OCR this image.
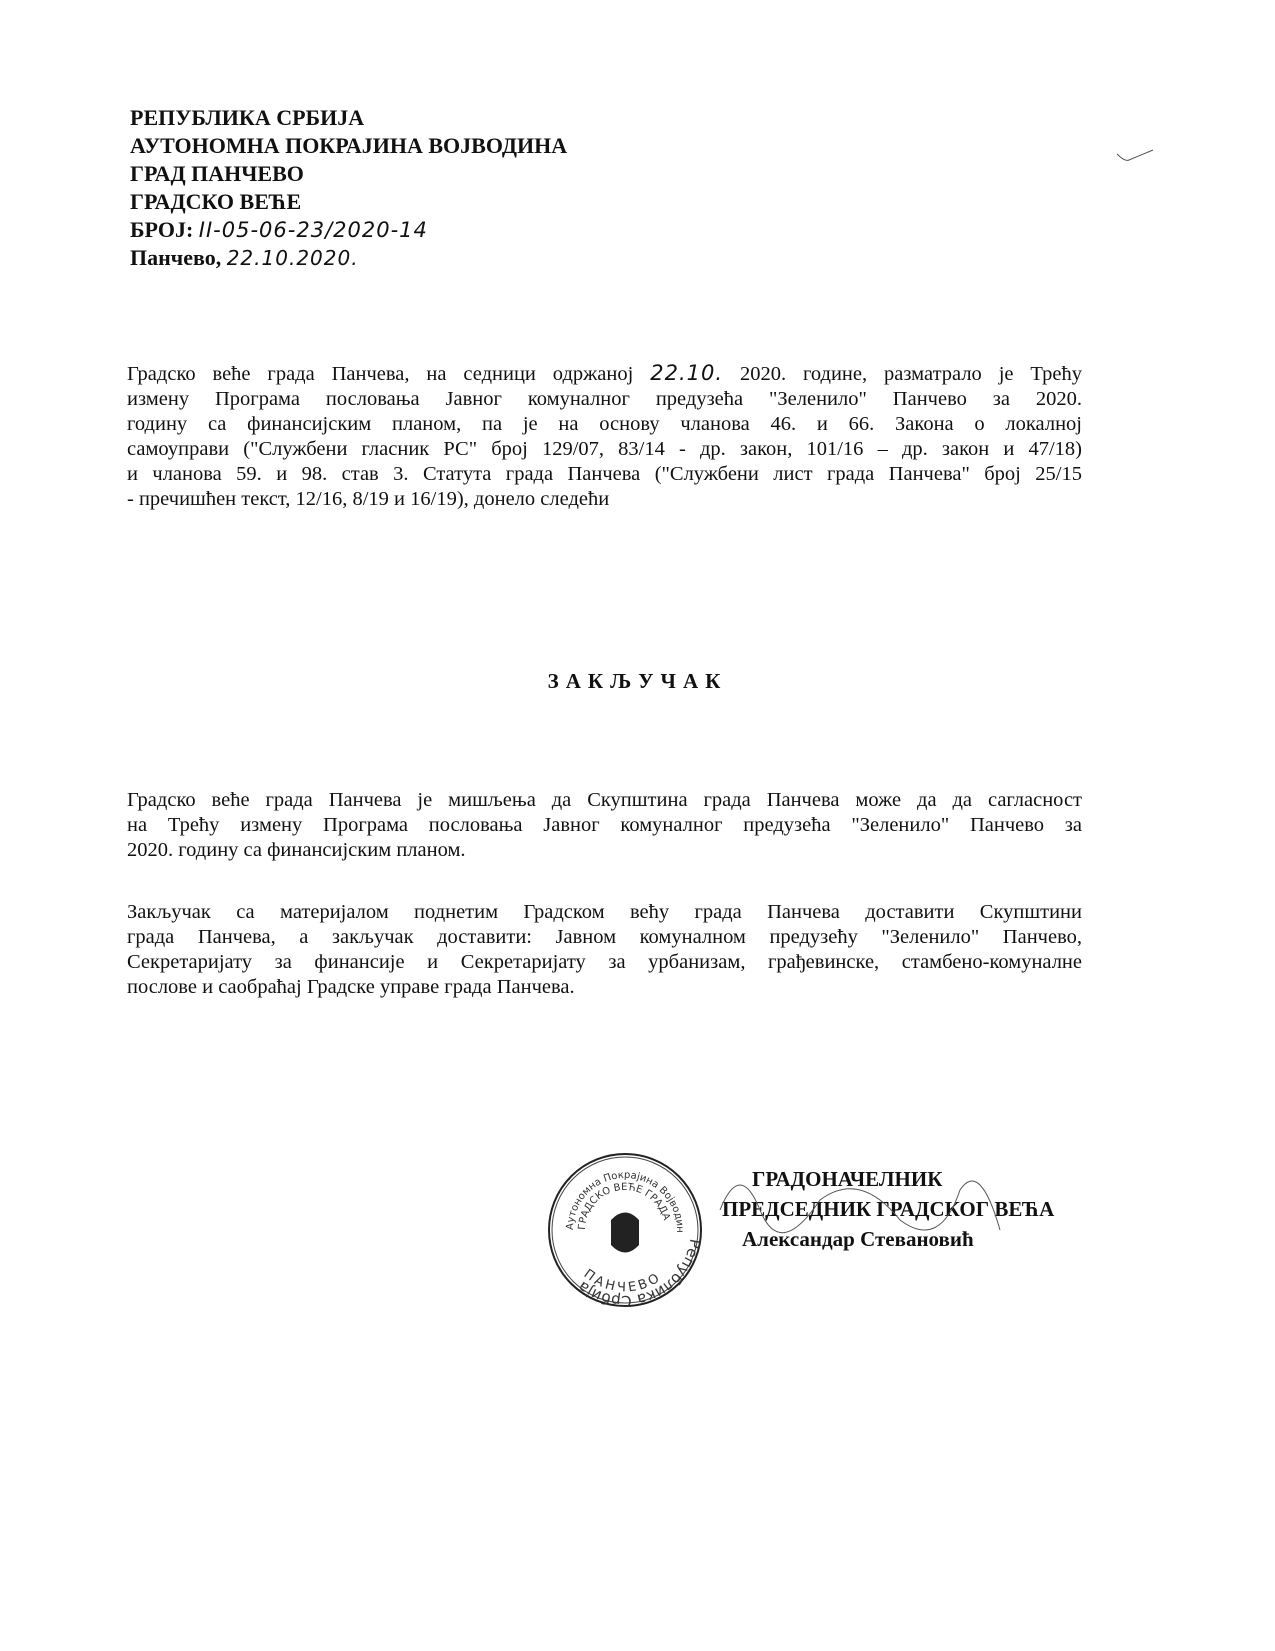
РЕПУБЛИКА СРБИЈА
АУТОНОМНА ПОКРАЈИНА ВОЈВОДИНА
ГРАД ПАНЧЕВО
ГРАДСКО ВЕЋЕ
БРОЈ: II-05-06-23/2020-14
Панчево, 22.10.2020.
Градско веће града Панчева, на седници одржаној 22.10. 2020. године, разматрало је Трећу
измену Програма пословања Јавног комуналног предузећа "Зеленило" Панчево за 2020.
годину са финансијским планом, па је на основу чланова 46. и 66. Закона о локалној
самоуправи ("Службени гласник РС" број 129/07, 83/14 - др. закон, 101/16 – др. закон и 47/18)
и чланова 59. и 98. став 3. Статута града Панчева ("Службени лист града Панчева" број 25/15
- пречишћен текст, 12/16, 8/19 и 16/19), донело следећи
ЗАКЉУЧАК
Градско веће града Панчева је мишљења да Скупштина града Панчева може да да сагласност
на Трећу измену Програма пословања Јавног комуналног предузећа "Зеленило" Панчево за
2020. годину са финансијским планом.
Закључак са материјалом поднетим Градском већу града Панчева доставити Скупштини
града Панчева, а закључак доставити: Јавном комуналном предузећу "Зеленило" Панчево,
Секретаријату за финансије и Секретаријату за урбанизам, грађевинске, стамбено-комуналне
послове и саобраћај Градске управе града Панчева.
Република Србија
Аутономна Покрајина Војводин
ГРАДСКО ВЕЋЕ ГРАДА
ПАНЧЕВО
ГРАДОНАЧЕЛНИК
ПРЕДСЕДНИК ГРАДСКОГ ВЕЋА
Александар Стевановић
